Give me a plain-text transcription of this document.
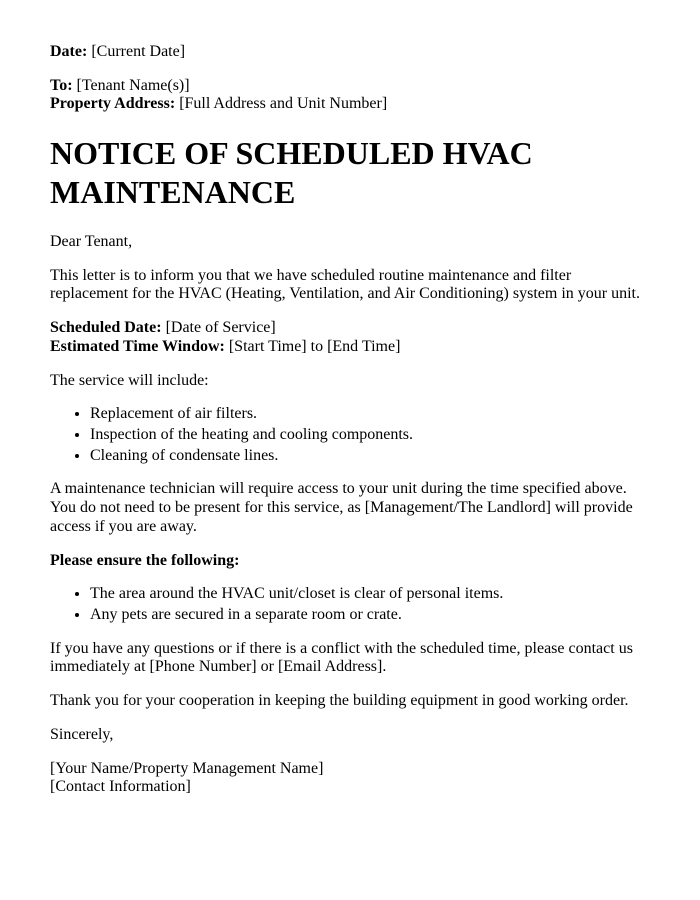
Date: [Current Date]

To: [Tenant Name(s)]
Property Address: [Full Address and Unit Number]

NOTICE OF SCHEDULED HVAC MAINTENANCE

Dear Tenant,

This letter is to inform you that we have scheduled routine maintenance and filter replacement for the HVAC (Heating, Ventilation, and Air Conditioning) system in your unit.

Scheduled Date: [Date of Service]
Estimated Time Window: [Start Time] to [End Time]

The service will include:

• Replacement of air filters.
• Inspection of the heating and cooling components.
• Cleaning of condensate lines.

A maintenance technician will require access to your unit during the time specified above. You do not need to be present for this service, as [Management/The Landlord] will provide access if you are away.

Please ensure the following:

• The area around the HVAC unit/closet is clear of personal items.
• Any pets are secured in a separate room or crate.

If you have any questions or if there is a conflict with the scheduled time, please contact us immediately at [Phone Number] or [Email Address].

Thank you for your cooperation in keeping the building equipment in good working order.

Sincerely,

[Your Name/Property Management Name]
[Contact Information]
